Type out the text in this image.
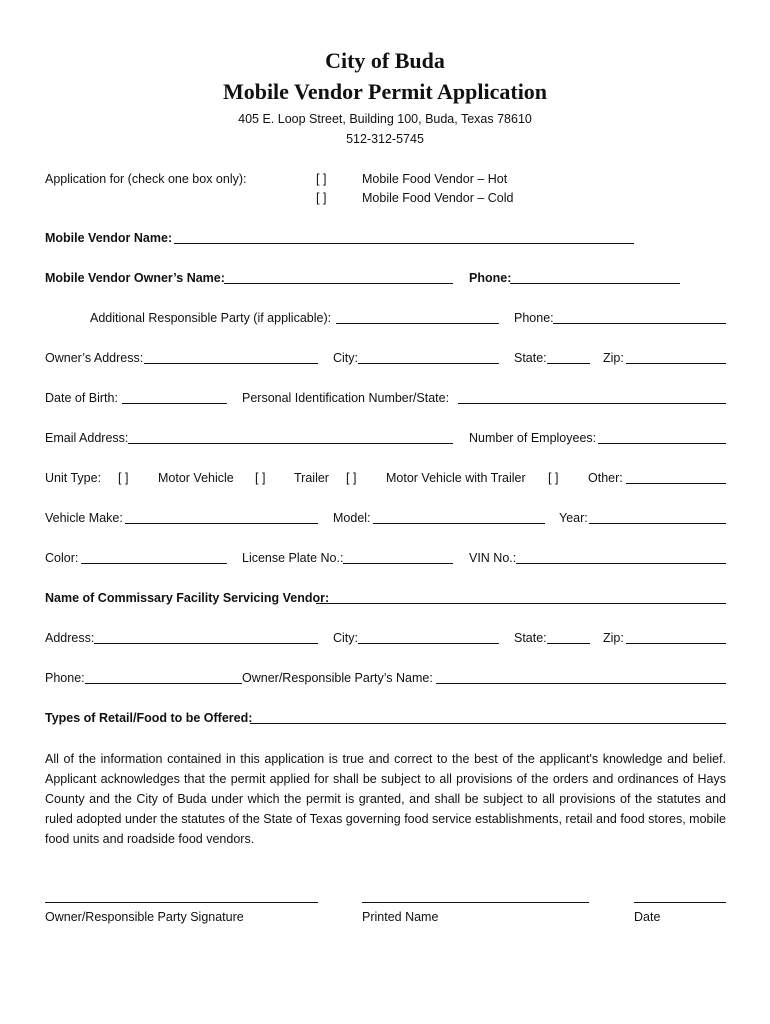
City of Buda
Mobile Vendor Permit Application
405 E. Loop Street, Building 100, Buda, Texas 78610
512-312-5745
Application for (check one box only):	[ ]	Mobile Food Vendor – Hot
[ ]	Mobile Food Vendor – Cold
Mobile Vendor Name:
Mobile Vendor Owner’s Name:	Phone:
Additional Responsible Party (if applicable):	Phone:
Owner’s Address:	City:	State:	Zip:
Date of Birth:	Personal Identification Number/State:
Email Address:	Number of Employees:
Unit Type: [ ] Motor Vehicle [ ] Trailer [ ] Motor Vehicle with Trailer [ ] Other:
Vehicle Make:	Model:	Year:
Color:	License Plate No.:	VIN No.:
Name of Commissary Facility Servicing Vendor:
Address:	City:	State:	Zip:
Phone:	Owner/Responsible Party’s Name:
Types of Retail/Food to be Offered:
All of the information contained in this application is true and correct to the best of the applicant's knowledge and belief. Applicant acknowledges that the permit applied for shall be subject to all provisions of the orders and ordinances of Hays County and the City of Buda under which the permit is granted, and shall be subject to all provisions of the statutes and ruled adopted under the statutes of the State of Texas governing food service establishments, retail and food stores, mobile food units and roadside food vendors.
Owner/Responsible Party Signature	Printed Name	Date
